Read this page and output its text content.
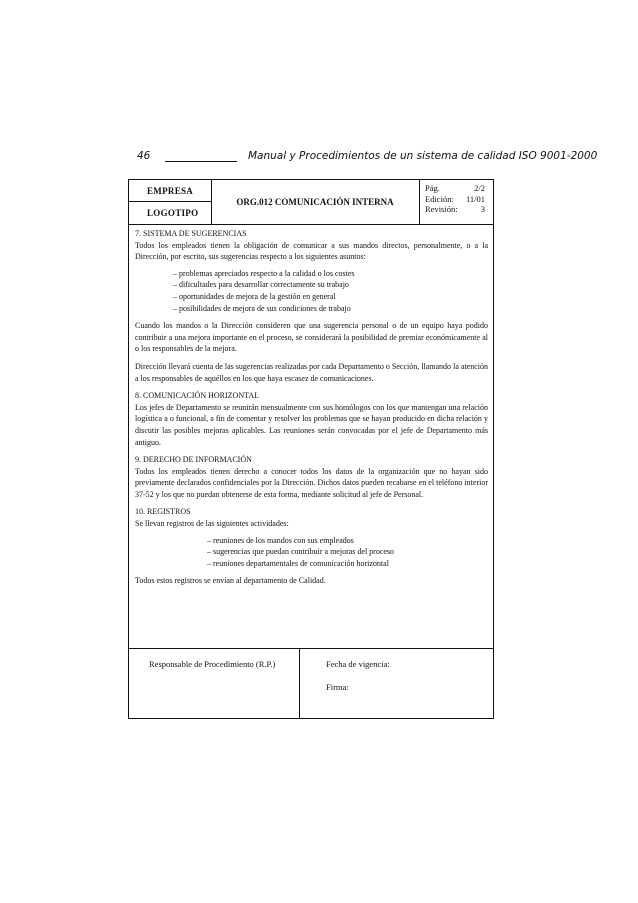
46	Manual y Procedimientos de un sistema de calidad ISO 9001-2000
EMPRESA
LOGOTIPO
ORG.012 COMUNICACIÓN INTERNA
Pág.	2/2
Edición: 11/01
Revisión:	3
7. SISTEMA DE SUGERENCIAS

Todos los empleados tienen la obligación de comunicar a sus mandos directos, personalmente, o a la Dirección, por escrito, sus sugerencias respecto a los siguientes asuntos:

– problemas apreciados respecto a la calidad o los costes
– dificultades para desarrollar correctamente su trabajo
– oportunidades de mejora de la gestión en general
– posibilidades de mejora de sus condiciones de trabajo

Cuando los mandos o la Dirección consideren que una sugerencia personal o de un equipo haya podido contribuir a una mejora importante en el proceso, se considerará la posibilidad de premiar económicamente al o los responsables de la mejora.

Dirección llevará cuenta de las sugerencias realizadas por cada Departamento o Sección, llamando la atención a los responsables de aquéllos en los que haya escasez de comunicaciones.

8. COMUNICACIÓN HORIZONTAL

Los jefes de Departamento se reunirán mensualmente con sus homólogos con los que mantengan una relación logística a o funcional, a fin de comentar y resolver los problemas que se hayan producido en dicha relación y discutir las posibles mejoras aplicables. Las reuniones serán convocadas por el jefe de Departamento más antiguo.

9. DERECHO DE INFORMACIÓN

Todos los empleados tienen derecho a conocer todos los datos de la organización que no hayan sido previamente declarados confidenciales por la Dirección. Dichos datos pueden recabarse en el teléfono interior 37-52 y los que no puedan obtenerse de esta forma, mediante solicitud al jefe de Personal.

10. REGISTROS

Se llevan registros de las siguientes actividades:

– reuniones de los mandos con sus empleados
– sugerencias que puedan contribuir a mejoras del proceso
– reuniones departamentales de comunicación horizontal

Todos estos registros se envían al departamento de Calidad.

Responsable de Procedimiento (R.P.)	Fecha de vigencia:
Firma:
